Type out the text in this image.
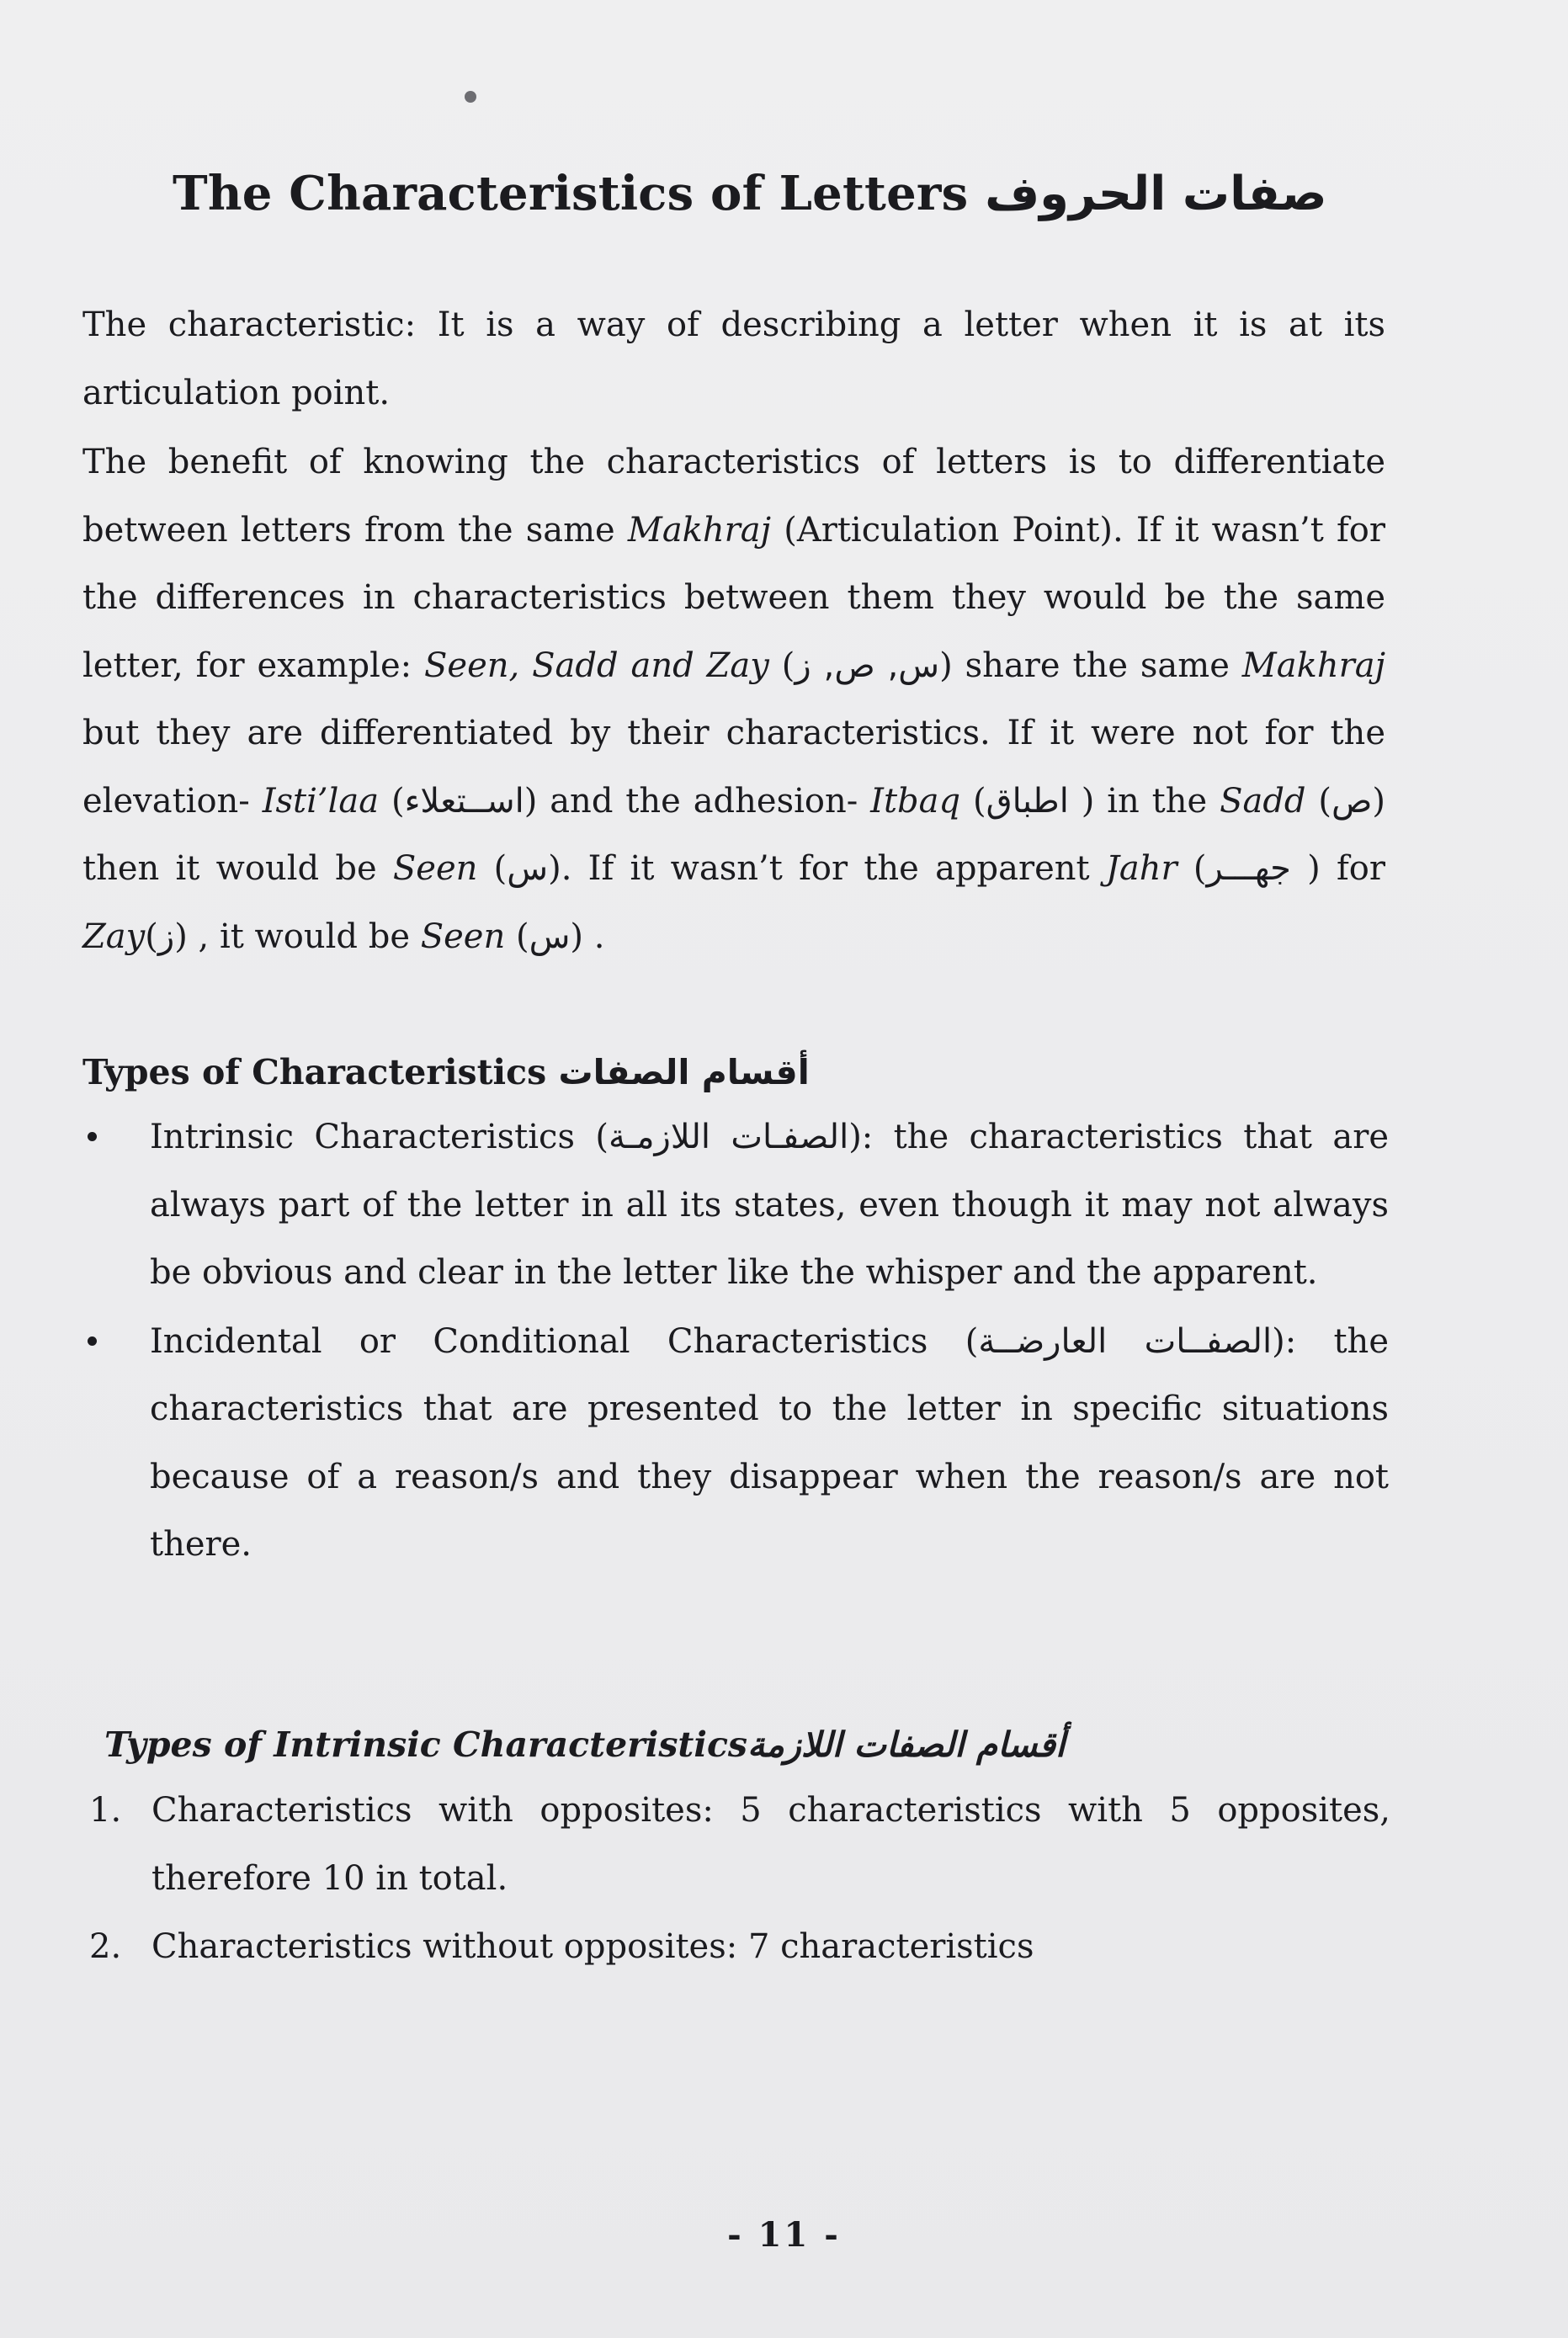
The Characteristics of Letters صفات الحروف

The characteristic: It is a way of describing a letter when it is at its articulation point.

The benefit of knowing the characteristics of letters is to differentiate between letters from the same Makhraj (Articulation Point). If it wasn’t for the differences in characteristics between them they would be the same letter, for example: Seen, Sadd and Zay (س, ص, ز) share the same Makhraj but they are differentiated by their characteristics. If it were not for the elevation- Isti’laa (اســتعلاء) and the adhesion- Itbaq (اطباق ) in the Sadd (ص) then it would be Seen (س). If it wasn’t for the apparent Jahr (جهـــر ) for Zay(ز) , it would be Seen (س) .

Types of Characteristics أقسام الصفات
Intrinsic Characteristics (الصفـات اللازمـة): the characteristics that are always part of the letter in all its states, even though it may not always be obvious and clear in the letter like the whisper and the apparent.
Incidental or Conditional Characteristics (الصفــات العارضــة): the characteristics that are presented to the letter in specific situations because of a reason/s and they disappear when the reason/s are not there.
Types of Intrinsic Characteristicsأقسام الصفات اللازمة
1. Characteristics with opposites: 5 characteristics with 5 opposites, therefore 10 in total.
2. Characteristics without opposites: 7 characteristics
- 11 -
